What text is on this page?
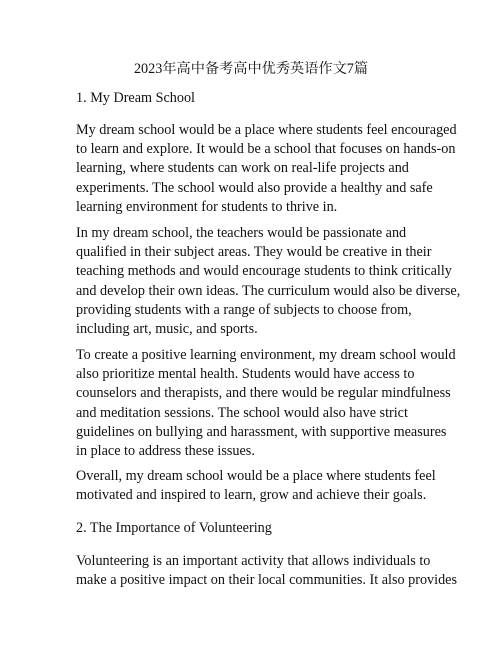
2023年高中备考高中优秀英语作文7篇
1. My Dream School
My dream school would be a place where students feel encouraged
to learn and explore. It would be a school that focuses on hands-on
learning, where students can work on real-life projects and
experiments. The school would also provide a healthy and safe
learning environment for students to thrive in.
In my dream school, the teachers would be passionate and
qualified in their subject areas. They would be creative in their
teaching methods and would encourage students to think critically
and develop their own ideas. The curriculum would also be diverse,
providing students with a range of subjects to choose from,
including art, music, and sports.
To create a positive learning environment, my dream school would
also prioritize mental health. Students would have access to
counselors and therapists, and there would be regular mindfulness
and meditation sessions. The school would also have strict
guidelines on bullying and harassment, with supportive measures
in place to address these issues.
Overall, my dream school would be a place where students feel
motivated and inspired to learn, grow and achieve their goals.
2. The Importance of Volunteering
Volunteering is an important activity that allows individuals to
make a positive impact on their local communities. It also provides
